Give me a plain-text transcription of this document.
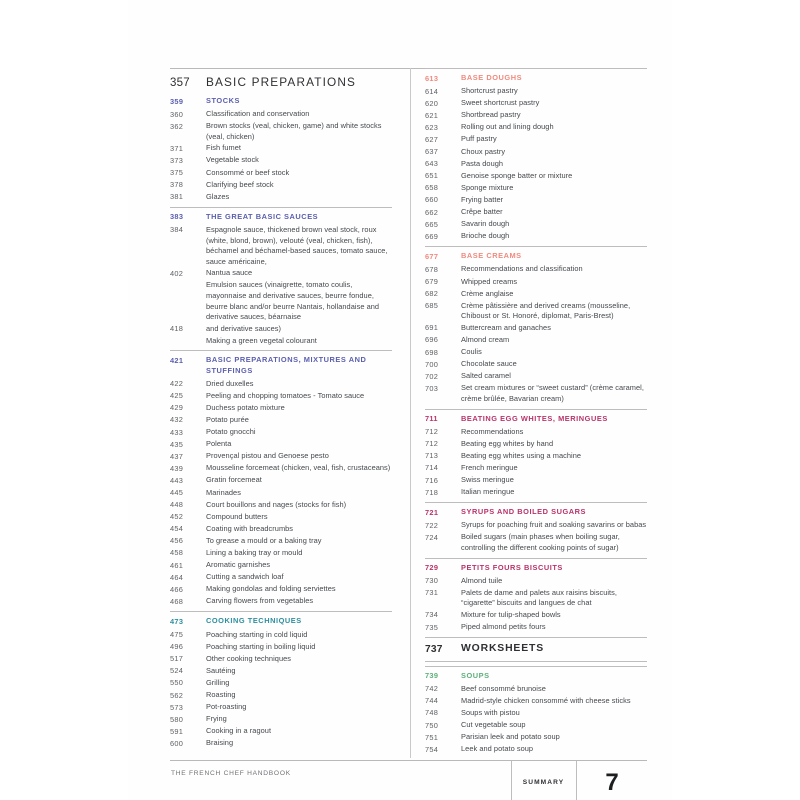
357	BASIC PREPARATIONS
359	STOCKS
360	Classification and conservation
362	Brown stocks (veal, chicken, game) and white stocks (veal, chicken)
371	Fish fumet
373	Vegetable stock
375	Consommé or beef stock
378	Clarifying beef stock
381	Glazes
383	THE GREAT BASIC SAUCES
384	Espagnole sauce, thickened brown veal stock, roux (white, blond, brown), velouté (veal, chicken, fish), béchamel and béchamel-based sauces, tomato sauce, sauce américaine,
402	Nantua sauce
Emulsion sauces (vinaigrette, tomato coulis, mayonnaise and derivative sauces, beurre fondue, beurre blanc and/or beurre Nantais, hollandaise and derivative sauces, béarnaise
418	and derivative sauces)
Making a green vegetal colourant
421	BASIC PREPARATIONS, MIXTURES AND STUFFINGS
422	Dried duxelles
425	Peeling and chopping tomatoes - Tomato sauce
429	Duchess potato mixture
432	Potato purée
433	Potato gnocchi
435	Polenta
437	Provençal pistou and Genoese pesto
439	Mousseline forcemeat (chicken, veal, fish, crustaceans)
443	Gratin forcemeat
445	Marinades
448	Court bouillons and nages (stocks for fish)
452	Compound butters
454	Coating with breadcrumbs
456	To grease a mould or a baking tray
458	Lining a baking tray or mould
461	Aromatic garnishes
464	Cutting a sandwich loaf
466	Making gondolas and folding serviettes
468	Carving flowers from vegetables
473	COOKING TECHNIQUES
475	Poaching starting in cold liquid
496	Poaching starting in boiling liquid
517	Other cooking techniques
524	Sautéing
550	Grilling
562	Roasting
573	Pot-roasting
580	Frying
591	Cooking in a ragout
600	Braising
613	BASE DOUGHS
614	Shortcrust pastry
620	Sweet shortcrust pastry
621	Shortbread pastry
623	Rolling out and lining dough
627	Puff pastry
637	Choux pastry
643	Pasta dough
651	Genoise sponge batter or mixture
658	Sponge mixture
660	Frying batter
662	Crêpe batter
665	Savarin dough
669	Brioche dough
677	BASE CREAMS
678	Recommendations and classification
679	Whipped creams
682	Crème anglaise
685	Crème pâtissière and derived creams (mousseline, Chiboust or St. Honoré, diplomat, Paris-Brest)
691	Buttercream and ganaches
696	Almond cream
698	Coulis
700	Chocolate sauce
702	Salted caramel
703	Set cream mixtures or “sweet custard” (crème caramel, crème brûlée, Bavarian cream)
711	BEATING EGG WHITES, MERINGUES
712	Recommendations
712	Beating egg whites by hand
713	Beating egg whites using a machine
714	French meringue
716	Swiss meringue
718	Italian meringue
721	SYRUPS AND BOILED SUGARS
722	Syrups for poaching fruit and soaking savarins or babas
724	Boiled sugars (main phases when boiling sugar, controlling the different cooking points of sugar)
729	PETITS FOURS BISCUITS
730	Almond tuile
731	Palets de dame and palets aux raisins biscuits, “cigarette” biscuits and langues de chat
734	Mixture for tulip-shaped bowls
735	Piped almond petits fours
737	WORKSHEETS
739	SOUPS
742	Beef consommé brunoise
744	Madrid-style chicken consommé with cheese sticks
748	Soups with pistou
750	Cut vegetable soup
751	Parisian leek and potato soup
754	Leek and potato soup
THE FRENCH CHEF HANDBOOK
SUMMARY	7
